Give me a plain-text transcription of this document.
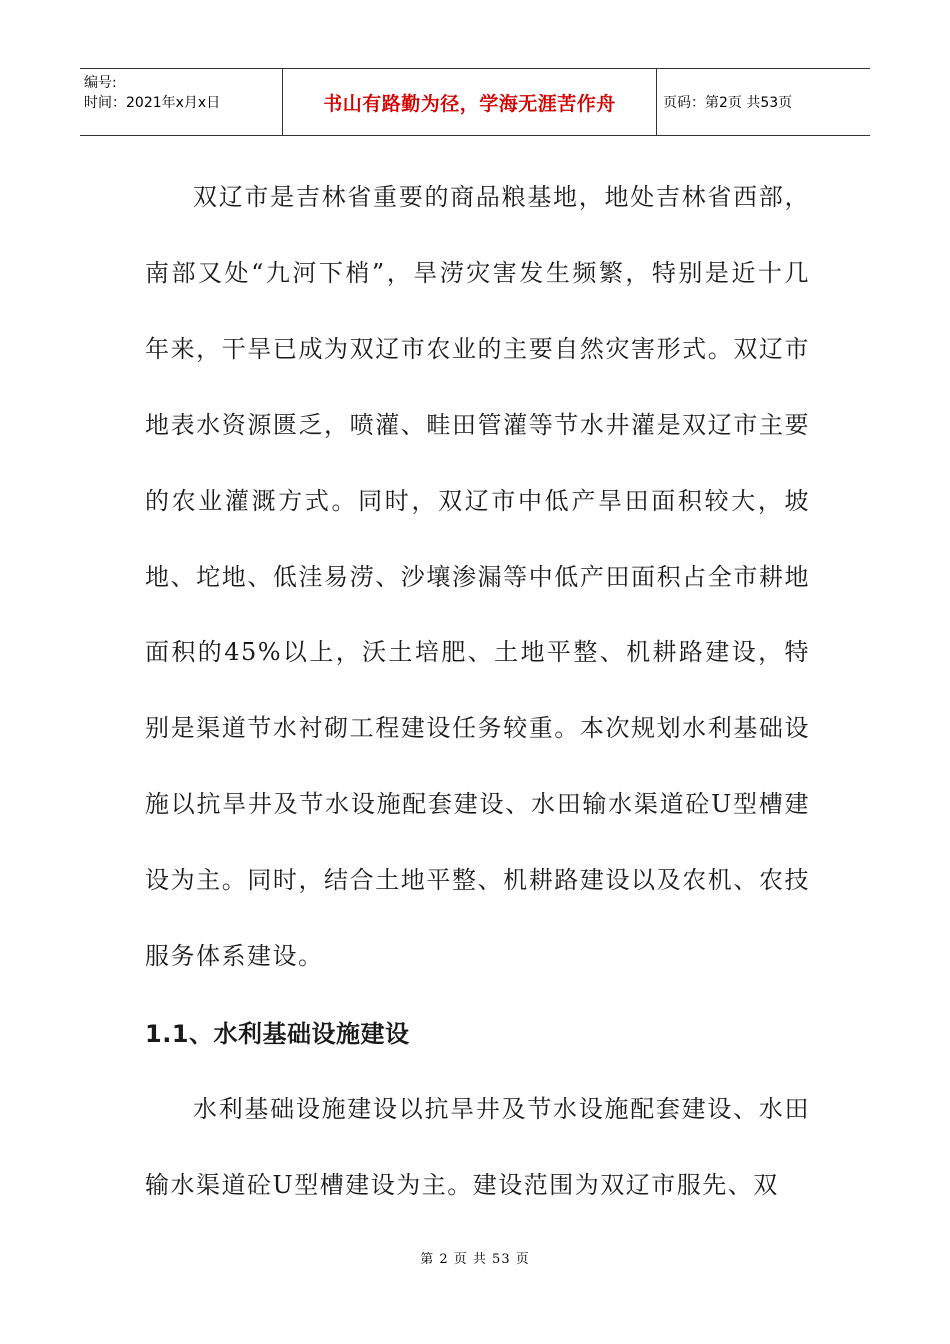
编号:
时间：2021年x月x日	书山有路勤为径，学海无涯苦作舟	页码：第2页 共53页

双辽市是吉林省重要的商品粮基地，地处吉林省西部，南部又处“九河下梢”，旱涝灾害发生频繁，特别是近十几年来，干旱已成为双辽市农业的主要自然灾害形式。双辽市地表水资源匮乏，喷灌、畦田管灌等节水井灌是双辽市主要的农业灌溉方式。同时，双辽市中低产旱田面积较大，坡地、坨地、低洼易涝、沙壤渗漏等中低产田面积占全市耕地面积的45%以上，沃土培肥、土地平整、机耕路建设，特别是渠道节水衬砌工程建设任务较重。本次规划水利基础设施以抗旱井及节水设施配套建设、水田输水渠道砼U型槽建设为主。同时，结合土地平整、机耕路建设以及农机、农技服务体系建设。

1.1、水利基础设施建设

水利基础设施建设以抗旱井及节水设施配套建设、水田输水渠道砼U型槽建设为主。建设范围为双辽市服先、双

第 2 页 共 53 页
